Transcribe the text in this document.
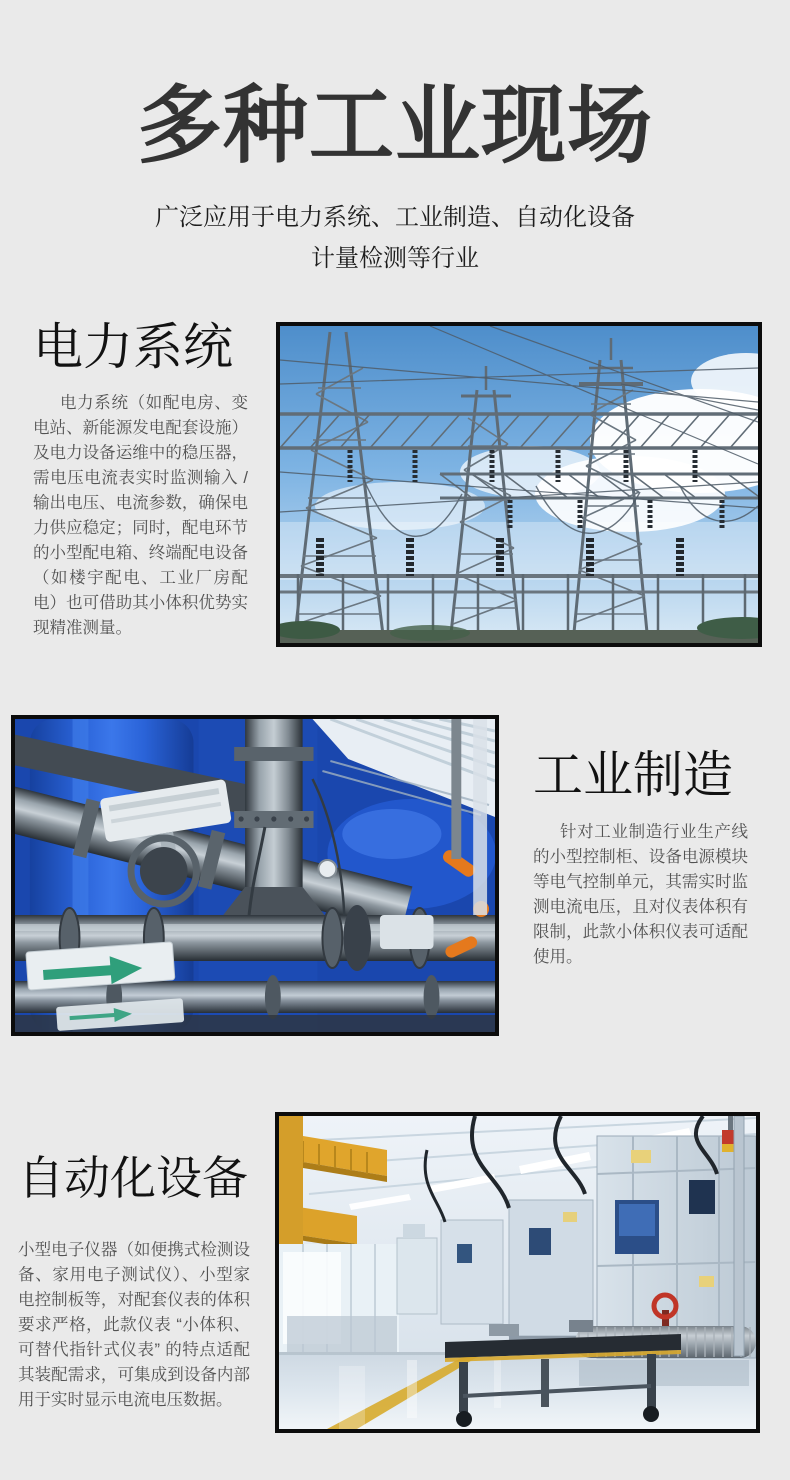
多种工业现场
广泛应用于电力系统、工业制造、自动化设备
计量检测等行业
电力系统
电力系统（如配电房、变电站、新能源发电配套设施）及电力设备运维中的稳压器，需电压电流表实时监测输入 / 输出电压、电流参数，确保电力供应稳定；同时，配电环节的小型配电箱、终端配电设备（如楼宇配电、工业厂房配电）也可借助其小体积优势实现精准测量。
工业制造
针对工业制造行业生产线的小型控制柜、设备电源模块等电气控制单元，其需实时监测电流电压，且对仪表体积有限制，此款小体积仪表可适配使用。
自动化设备
小型电子仪器（如便携式检测设备、家用电子测试仪）、小型家电控制板等，对配套仪表的体积要求严格，此款仪表 “小体积、可替代指针式仪表” 的特点适配其装配需求，可集成到设备内部用于实时显示电流电压数据。
